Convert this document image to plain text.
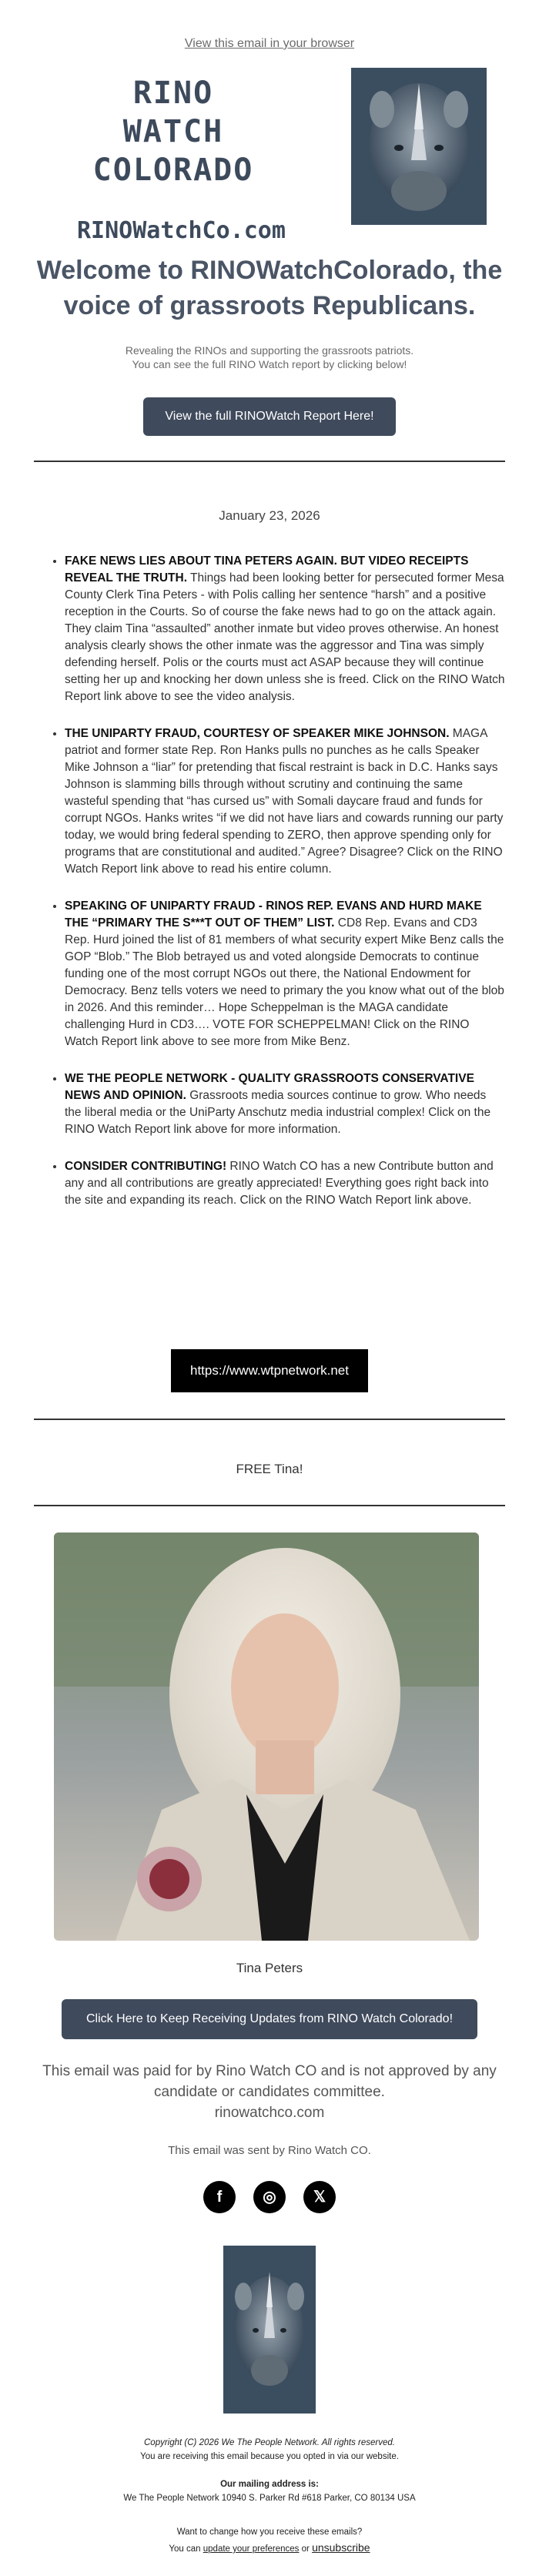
View this email in your browser
RINO WATCH
COLORADO
RINOWatchCo.com
Welcome to RINOWatchColorado, the
voice of grassroots Republicans.
Revealing the RINOs and supporting the grassroots patriots.
You can see the full RINO Watch report by clicking below!
View the full RINOWatch Report Here!
January 23, 2026
• FAKE NEWS LIES ABOUT TINA PETERS AGAIN. BUT VIDEO RECEIPTS REVEAL THE TRUTH. Things had been looking better for persecuted former Mesa County Clerk Tina Peters - with Polis calling her sentence “harsh” and a positive reception in the Courts. So of course the fake news had to go on the attack again. They claim Tina “assaulted” another inmate but video proves otherwise. An honest analysis clearly shows the other inmate was the aggressor and Tina was simply defending herself. Polis or the courts must act ASAP because they will continue setting her up and knocking her down unless she is freed. Click on the RINO Watch Report link above to see the video analysis.
• THE UNIPARTY FRAUD, COURTESY OF SPEAKER MIKE JOHNSON. MAGA patriot and former state Rep. Ron Hanks pulls no punches as he calls Speaker Mike Johnson a “liar” for pretending that fiscal restraint is back in D.C. Hanks says Johnson is slamming bills through without scrutiny and continuing the same wasteful spending that “has cursed us” with Somali daycare fraud and funds for corrupt NGOs. Hanks writes “if we did not have liars and cowards running our party today, we would bring federal spending to ZERO, then approve spending only for programs that are constitutional and audited.” Agree? Disagree? Click on the RINO Watch Report link above to read his entire column.
• SPEAKING OF UNIPARTY FRAUD - RINOS REP. EVANS AND HURD MAKE THE “PRIMARY THE S***T OUT OF THEM” LIST. CD8 Rep. Evans and CD3 Rep. Hurd joined the list of 81 members of what security expert Mike Benz calls the GOP “Blob.” The Blob betrayed us and voted alongside Democrats to continue funding one of the most corrupt NGOs out there, the National Endowment for Democracy. Benz tells voters we need to primary the you know what out of the blob in 2026. And this reminder… Hope Scheppelman is the MAGA candidate challenging Hurd in CD3…. VOTE FOR SCHEPPELMAN! Click on the RINO Watch Report link above to see more from Mike Benz.
• WE THE PEOPLE NETWORK - QUALITY GRASSROOTS CONSERVATIVE NEWS AND OPINION. Grassroots media sources continue to grow. Who needs the liberal media or the UniParty Anschutz media industrial complex! Click on the RINO Watch Report link above for more information.
• CONSIDER CONTRIBUTING! RINO Watch CO has a new Contribute button and any and all contributions are greatly appreciated! Everything goes right back into the site and expanding its reach. Click on the RINO Watch Report link above.
https://www.wtpnetwork.net
FREE Tina!
Tina Peters
Click Here to Keep Receiving Updates from RINO Watch Colorado!
This email was paid for by Rino Watch CO and is not approved by any
candidate or candidates committee.
rinowatchco.com
This email was sent by Rino Watch CO.
f	◎	𝕏
Copyright (C) 2026 We The People Network. All rights reserved.
You are receiving this email because you opted in via our website.
Our mailing address is:
We The People Network 10940 S. Parker Rd #618 Parker, CO 80134 USA
Want to change how you receive these emails?
You can update your preferences or unsubscribe
